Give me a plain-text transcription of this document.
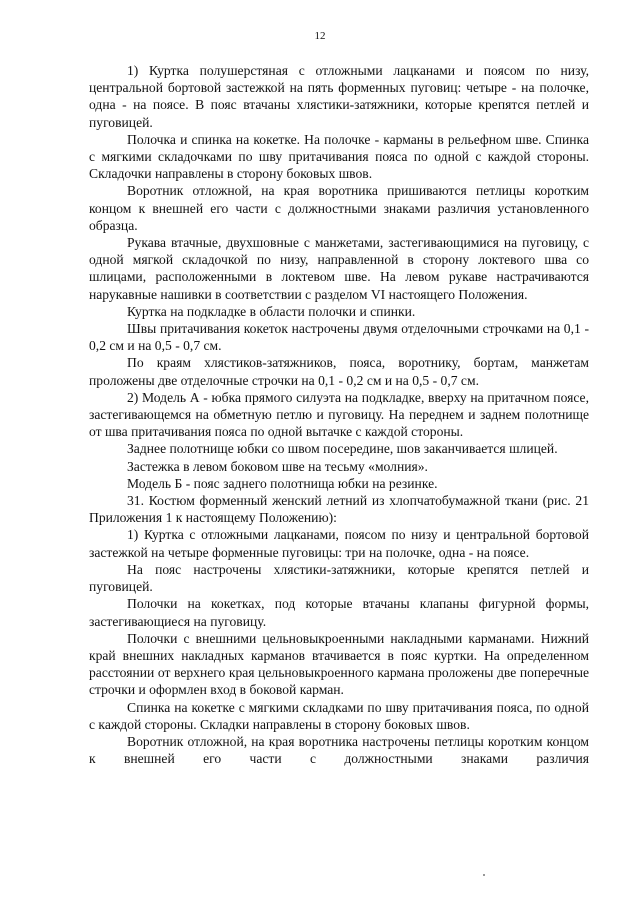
12

1) Куртка полушерстяная с отложными лацканами и поясом по низу, центральной бортовой застежкой на пять форменных пуговиц: четыре - на полочке, одна - на поясе. В пояс втачаны хлястики-затяжники, которые крепятся петлей и пуговицей.

Полочка и спинка на кокетке. На полочке - карманы в рельефном шве. Спинка с мягкими складочками по шву притачивания пояса по одной с каждой стороны. Складочки направлены в сторону боковых швов.

Воротник отложной, на края воротника пришиваются петлицы коротким концом к внешней его части с должностными знаками различия установленного образца.

Рукава втачные, двухшовные с манжетами, застегивающимися на пуговицу, с одной мягкой складочкой по низу, направленной в сторону локтевого шва со шлицами, расположенными в локтевом шве. На левом рукаве настрачиваются нарукавные нашивки в соответствии с разделом VI настоящего Положения.

Куртка на подкладке в области полочки и спинки.

Швы притачивания кокеток настрочены двумя отделочными строчками на 0,1 - 0,2 см и на 0,5 - 0,7 см.

По краям хлястиков-затяжников, пояса, воротнику, бортам, манжетам проложены две отделочные строчки на 0,1 - 0,2 см и на 0,5 - 0,7 см.

2) Модель А - юбка прямого силуэта на подкладке, вверху на притачном поясе, застегивающемся на обметную петлю и пуговицу. На переднем и заднем полотнище от шва притачивания пояса по одной вытачке с каждой стороны.

Заднее полотнище юбки со швом посередине, шов заканчивается шлицей.

Застежка в левом боковом шве на тесьму «молния».

Модель Б - пояс заднего полотнища юбки на резинке.

31. Костюм форменный женский летний из хлопчатобумажной ткани (рис. 21 Приложения 1 к настоящему Положению):

1) Куртка с отложными лацканами, поясом по низу и центральной бортовой застежкой на четыре форменные пуговицы: три на полочке, одна - на поясе.

На пояс настрочены хлястики-затяжники, которые крепятся петлей и пуговицей.

Полочки на кокетках, под которые втачаны клапаны фигурной формы, застегивающиеся на пуговицу.

Полочки с внешними цельновыкроенными накладными карманами. Нижний край внешних накладных карманов втачивается в пояс куртки. На определенном расстоянии от верхнего края цельновыкроенного кармана проложены две поперечные строчки и оформлен вход в боковой карман.

Спинка на кокетке с мягкими складками по шву притачивания пояса, по одной с каждой стороны. Складки направлены в сторону боковых швов.

Воротник отложной, на края воротника настрочены петлицы коротким концом к внешней его части с должностными знаками различия
